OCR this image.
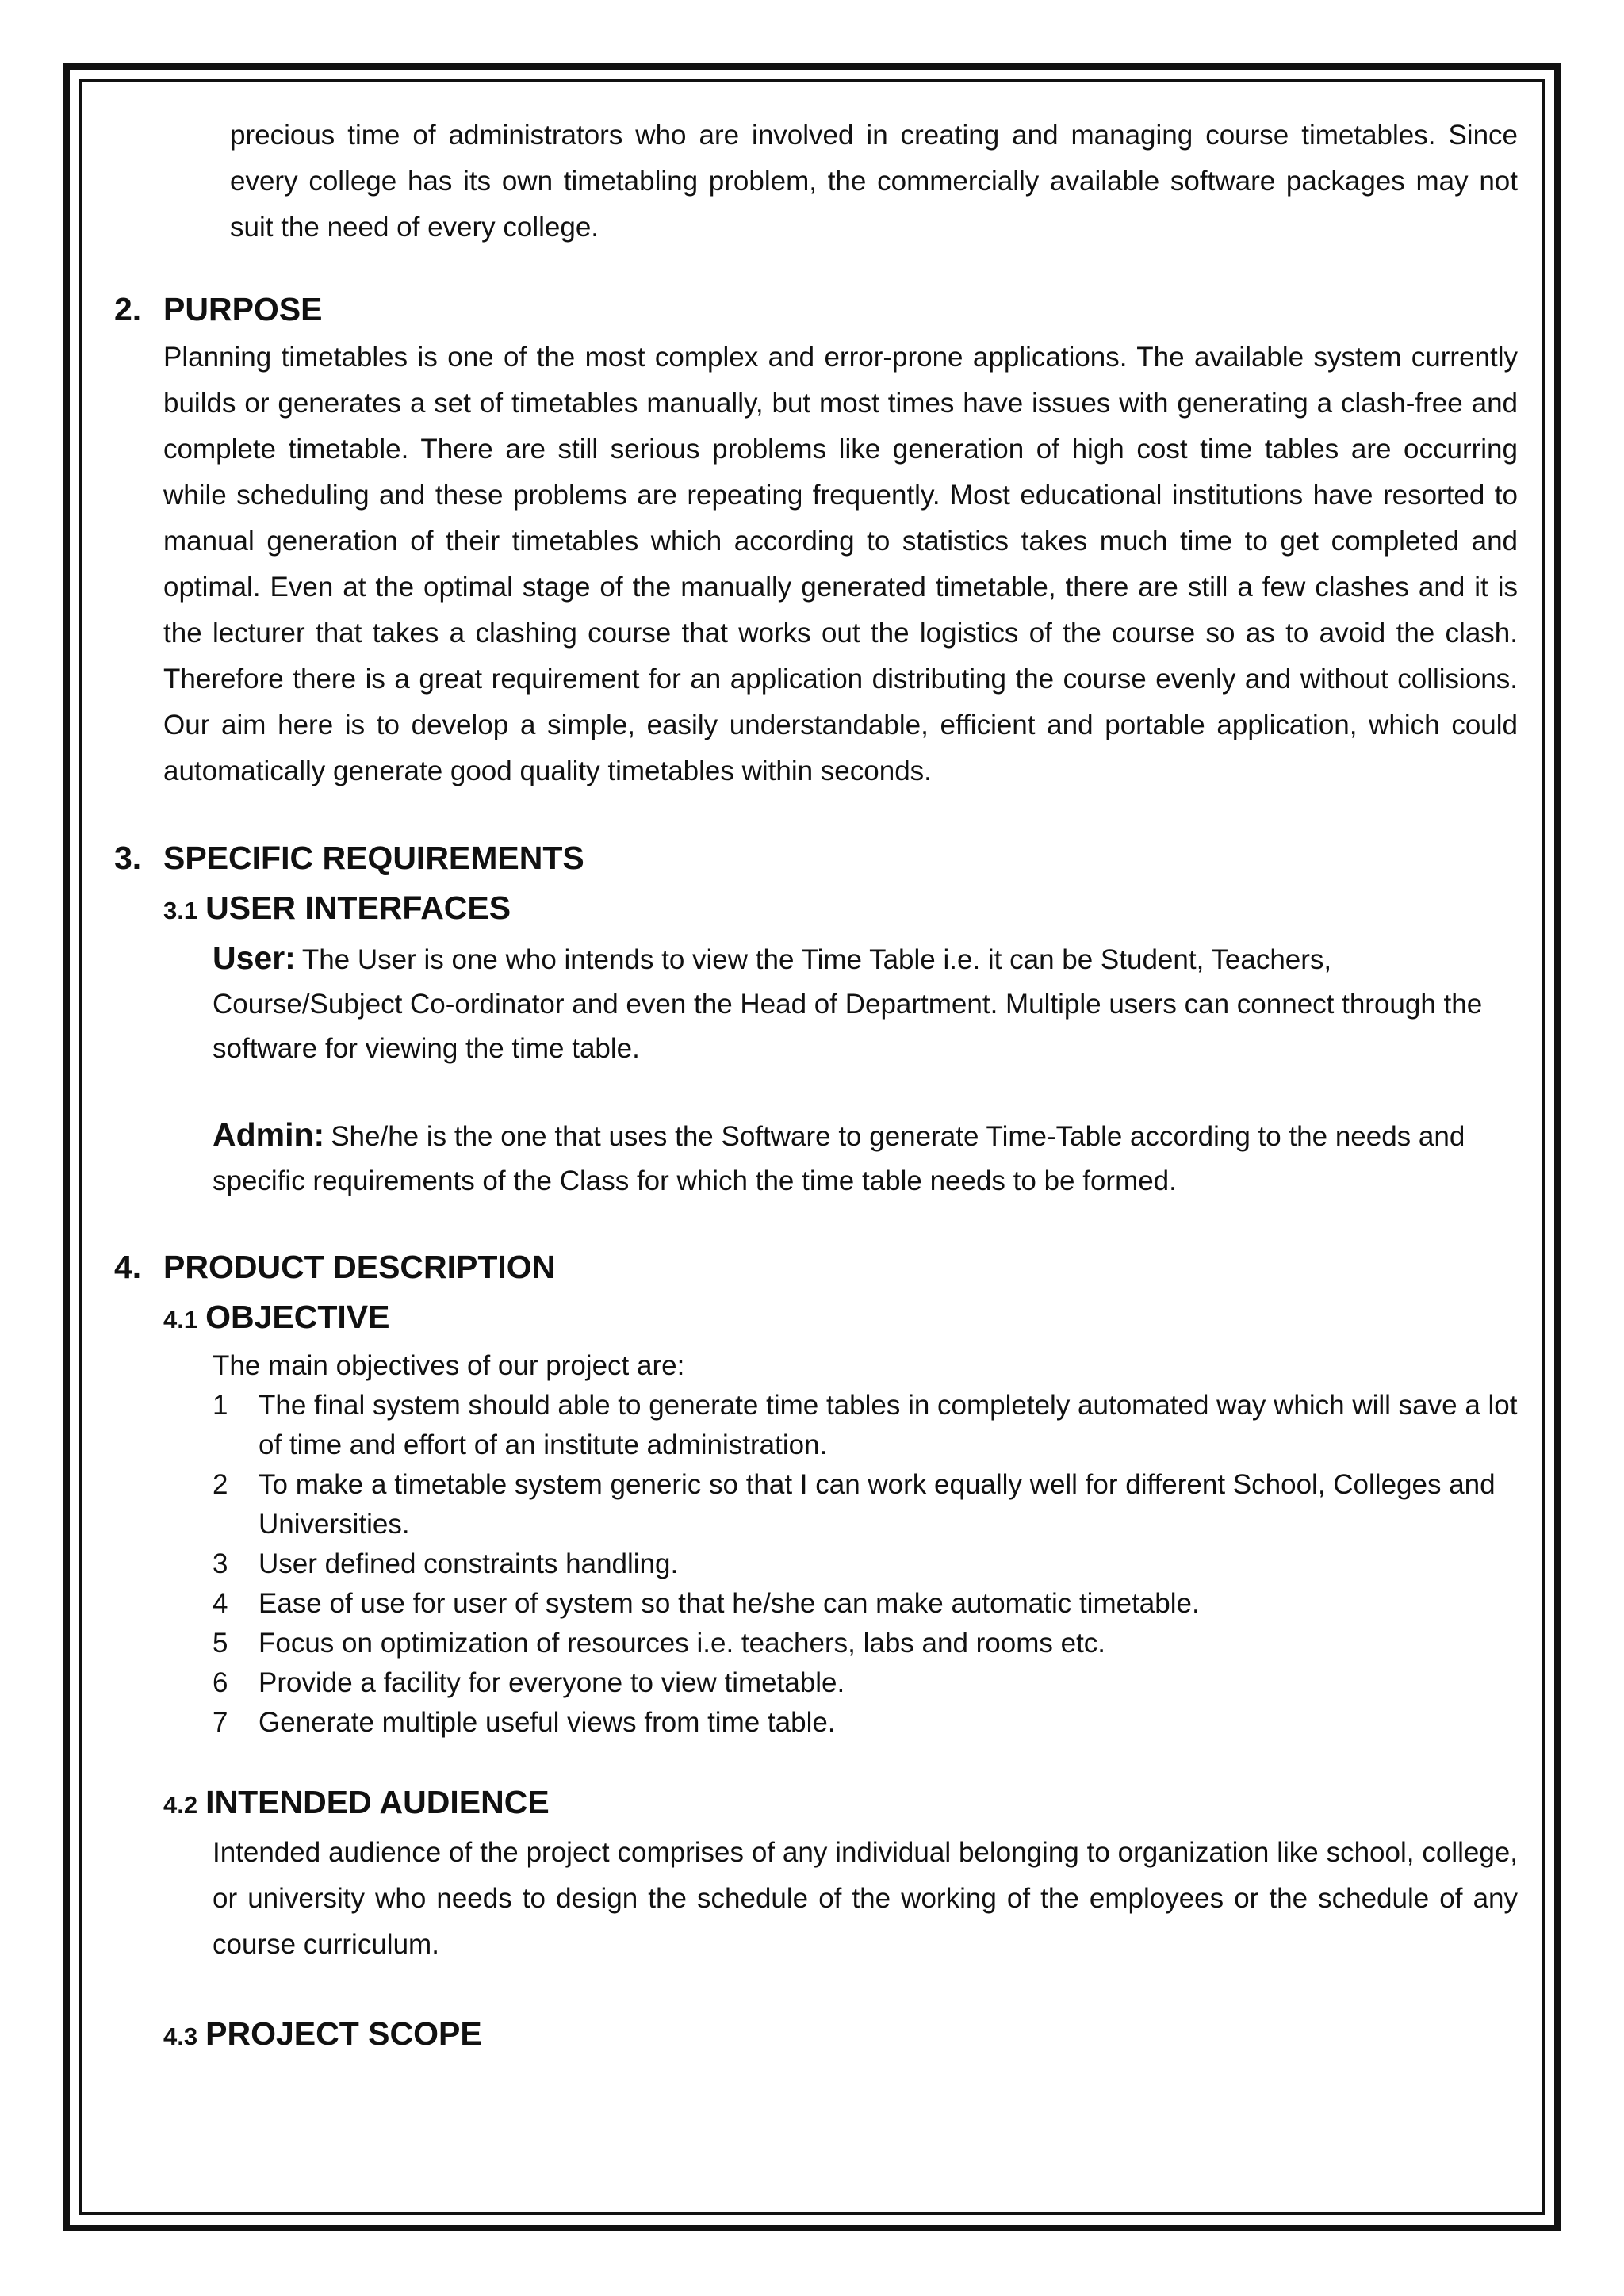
precious time of administrators who are involved in creating and managing course timetables. Since every college has its own timetabling problem, the commercially available software packages may not suit the need of every college.

2. PURPOSE

Planning timetables is one of the most complex and error-prone applications. The available system currently builds or generates a set of timetables manually, but most times have issues with generating a clash-free and complete timetable. There are still serious problems like generation of high cost time tables are occurring while scheduling and these problems are repeating frequently. Most educational institutions have resorted to manual generation of their timetables which according to statistics takes much time to get completed and optimal. Even at the optimal stage of the manually generated timetable, there are still a few clashes and it is the lecturer that takes a clashing course that works out the logistics of the course so as to avoid the clash. Therefore there is a great requirement for an application distributing the course evenly and without collisions. Our aim here is to develop a simple, easily understandable, efficient and portable application, which could automatically generate good quality timetables within seconds.

3. SPECIFIC REQUIREMENTS
3.1 USER INTERFACES

User: The User is one who intends to view the Time Table i.e. it can be Student, Teachers, Course/Subject Co-ordinator and even the Head of Department. Multiple users can connect through the software for viewing the time table.

Admin: She/he is the one that uses the Software to generate Time-Table according to the needs and specific requirements of the Class for which the time table needs to be formed.

4. PRODUCT DESCRIPTION
4.1 OBJECTIVE

The main objectives of our project are:

1	The final system should able to generate time tables in completely automated way which will save a lot of time and effort of an institute administration.
2	To make a timetable system generic so that I can work equally well for different School, Colleges and Universities.
3	User defined constraints handling.
4	Ease of use for user of system so that he/she can make automatic timetable.
5	Focus on optimization of resources i.e. teachers, labs and rooms etc.
6	Provide a facility for everyone to view timetable.
7	Generate multiple useful views from time table.
4.2 INTENDED AUDIENCE

Intended audience of the project comprises of any individual belonging to organization like school, college, or university who needs to design the schedule of the working of the employees or the schedule of any course curriculum.

4.3 PROJECT SCOPE
